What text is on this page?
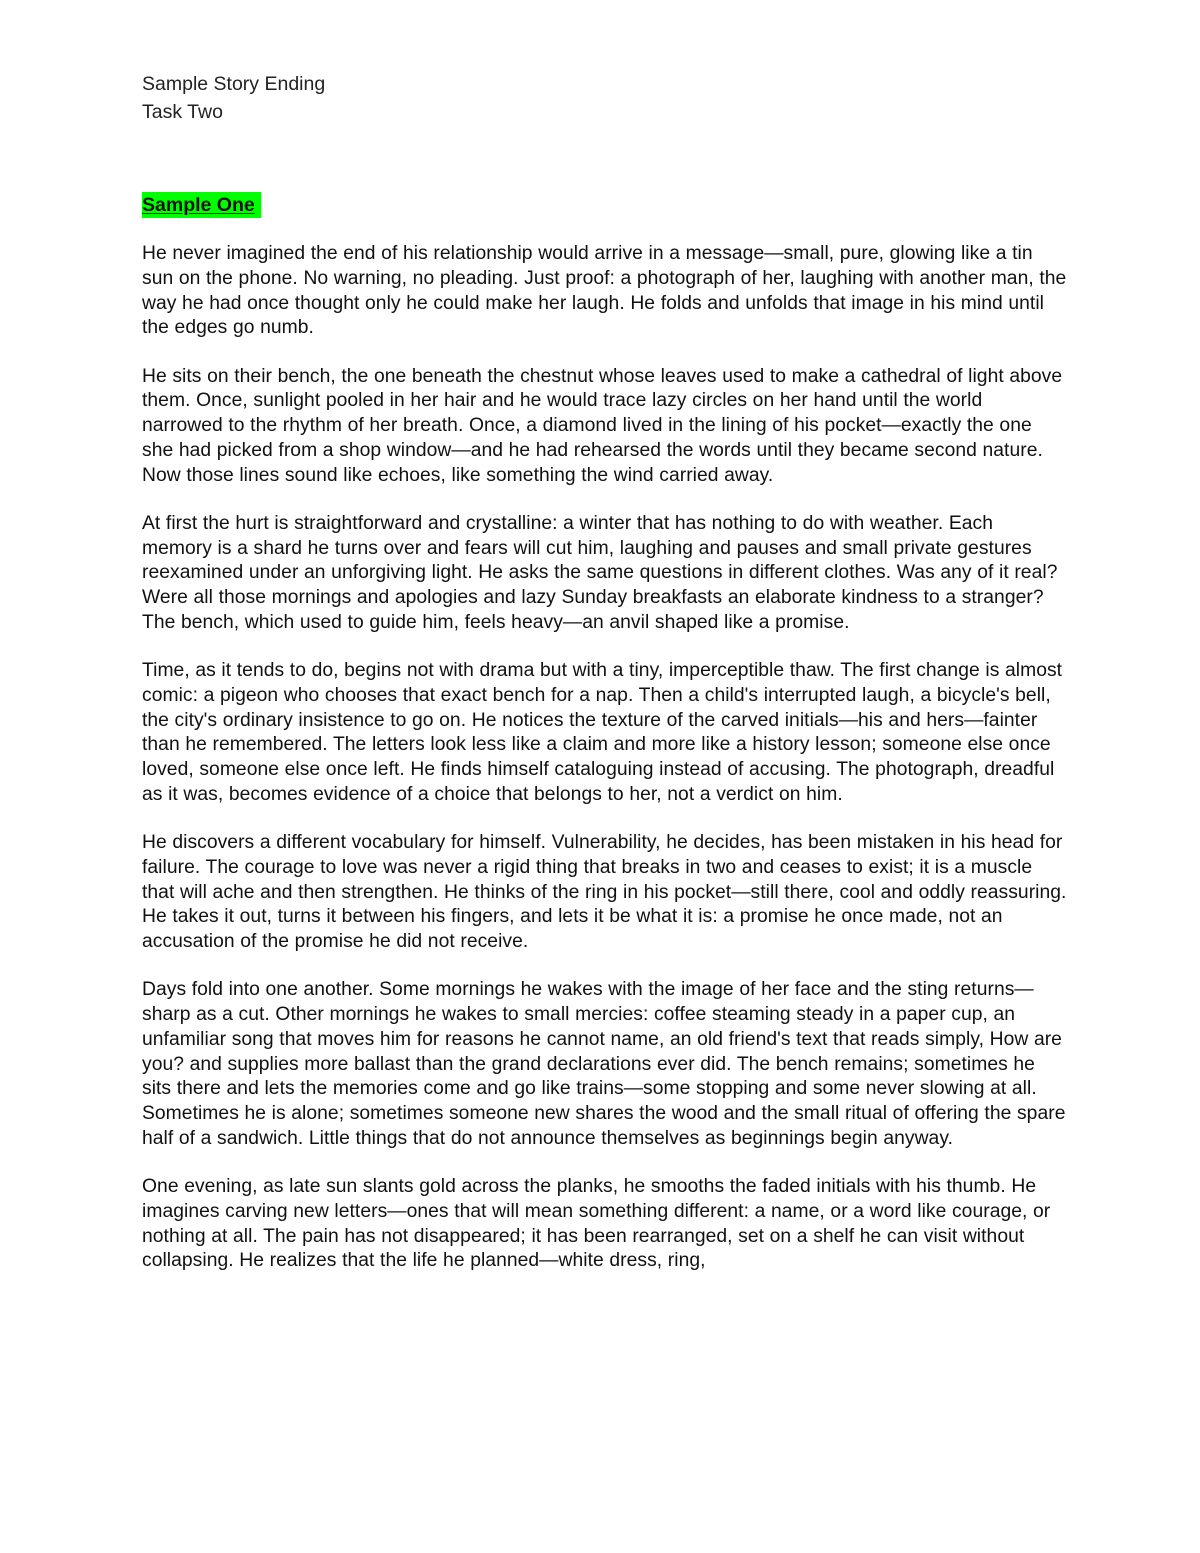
Sample Story Ending

Task Two

Sample One

He never imagined the end of his relationship would arrive in a message—small, pure, glowing like a tin sun on the phone. No warning, no pleading. Just proof: a photograph of her, laughing with another man, the way he had once thought only he could make her laugh. He folds and unfolds that image in his mind until the edges go numb.

He sits on their bench, the one beneath the chestnut whose leaves used to make a cathedral of light above them. Once, sunlight pooled in her hair and he would trace lazy circles on her hand until the world narrowed to the rhythm of her breath. Once, a diamond lived in the lining of his pocket—exactly the one she had picked from a shop window—and he had rehearsed the words until they became second nature. Now those lines sound like echoes, like something the wind carried away.

At first the hurt is straightforward and crystalline: a winter that has nothing to do with weather. Each memory is a shard he turns over and fears will cut him, laughing and pauses and small private gestures reexamined under an unforgiving light. He asks the same questions in different clothes. Was any of it real? Were all those mornings and apologies and lazy Sunday breakfasts an elaborate kindness to a stranger? The bench, which used to guide him, feels heavy—an anvil shaped like a promise.

Time, as it tends to do, begins not with drama but with a tiny, imperceptible thaw. The first change is almost comic: a pigeon who chooses that exact bench for a nap. Then a child's interrupted laugh, a bicycle's bell, the city's ordinary insistence to go on. He notices the texture of the carved initials—his and hers—fainter than he remembered. The letters look less like a claim and more like a history lesson; someone else once loved, someone else once left. He finds himself cataloguing instead of accusing. The photograph, dreadful as it was, becomes evidence of a choice that belongs to her, not a verdict on him.

He discovers a different vocabulary for himself. Vulnerability, he decides, has been mistaken in his head for failure. The courage to love was never a rigid thing that breaks in two and ceases to exist; it is a muscle that will ache and then strengthen. He thinks of the ring in his pocket—still there, cool and oddly reassuring. He takes it out, turns it between his fingers, and lets it be what it is: a promise he once made, not an accusation of the promise he did not receive.

Days fold into one another. Some mornings he wakes with the image of her face and the sting returns—sharp as a cut. Other mornings he wakes to small mercies: coffee steaming steady in a paper cup, an unfamiliar song that moves him for reasons he cannot name, an old friend's text that reads simply, How are you? and supplies more ballast than the grand declarations ever did. The bench remains; sometimes he sits there and lets the memories come and go like trains—some stopping and some never slowing at all. Sometimes he is alone; sometimes someone new shares the wood and the small ritual of offering the spare half of a sandwich. Little things that do not announce themselves as beginnings begin anyway.

One evening, as late sun slants gold across the planks, he smooths the faded initials with his thumb. He imagines carving new letters—ones that will mean something different: a name, or a word like courage, or nothing at all. The pain has not disappeared; it has been rearranged, set on a shelf he can visit without collapsing. He realizes that the life he planned—white dress, ring,
